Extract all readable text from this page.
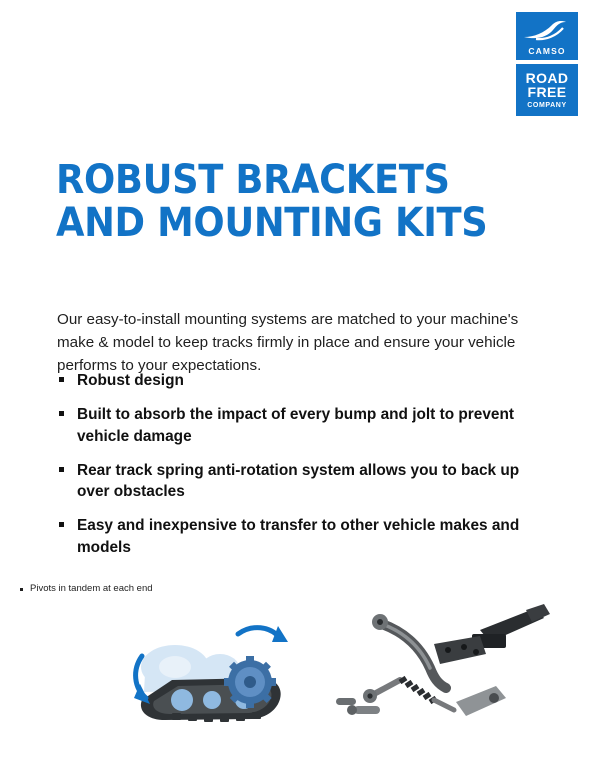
CAMSO
ROAD
FREE
COMPANY
ROBUST BRACKETS
AND MOUNTING KITS

Our easy-to-install mounting systems are matched to your machine's make & model to keep tracks firmly in place and ensure your vehicle performs to your expectations.

Robust design
Built to absorb the impact of every bump and jolt to prevent vehicle damage
Rear track spring anti-rotation system allows you to back up over obstacles
Easy and inexpensive to transfer to other vehicle makes and models
Pivots in tandem at each end
